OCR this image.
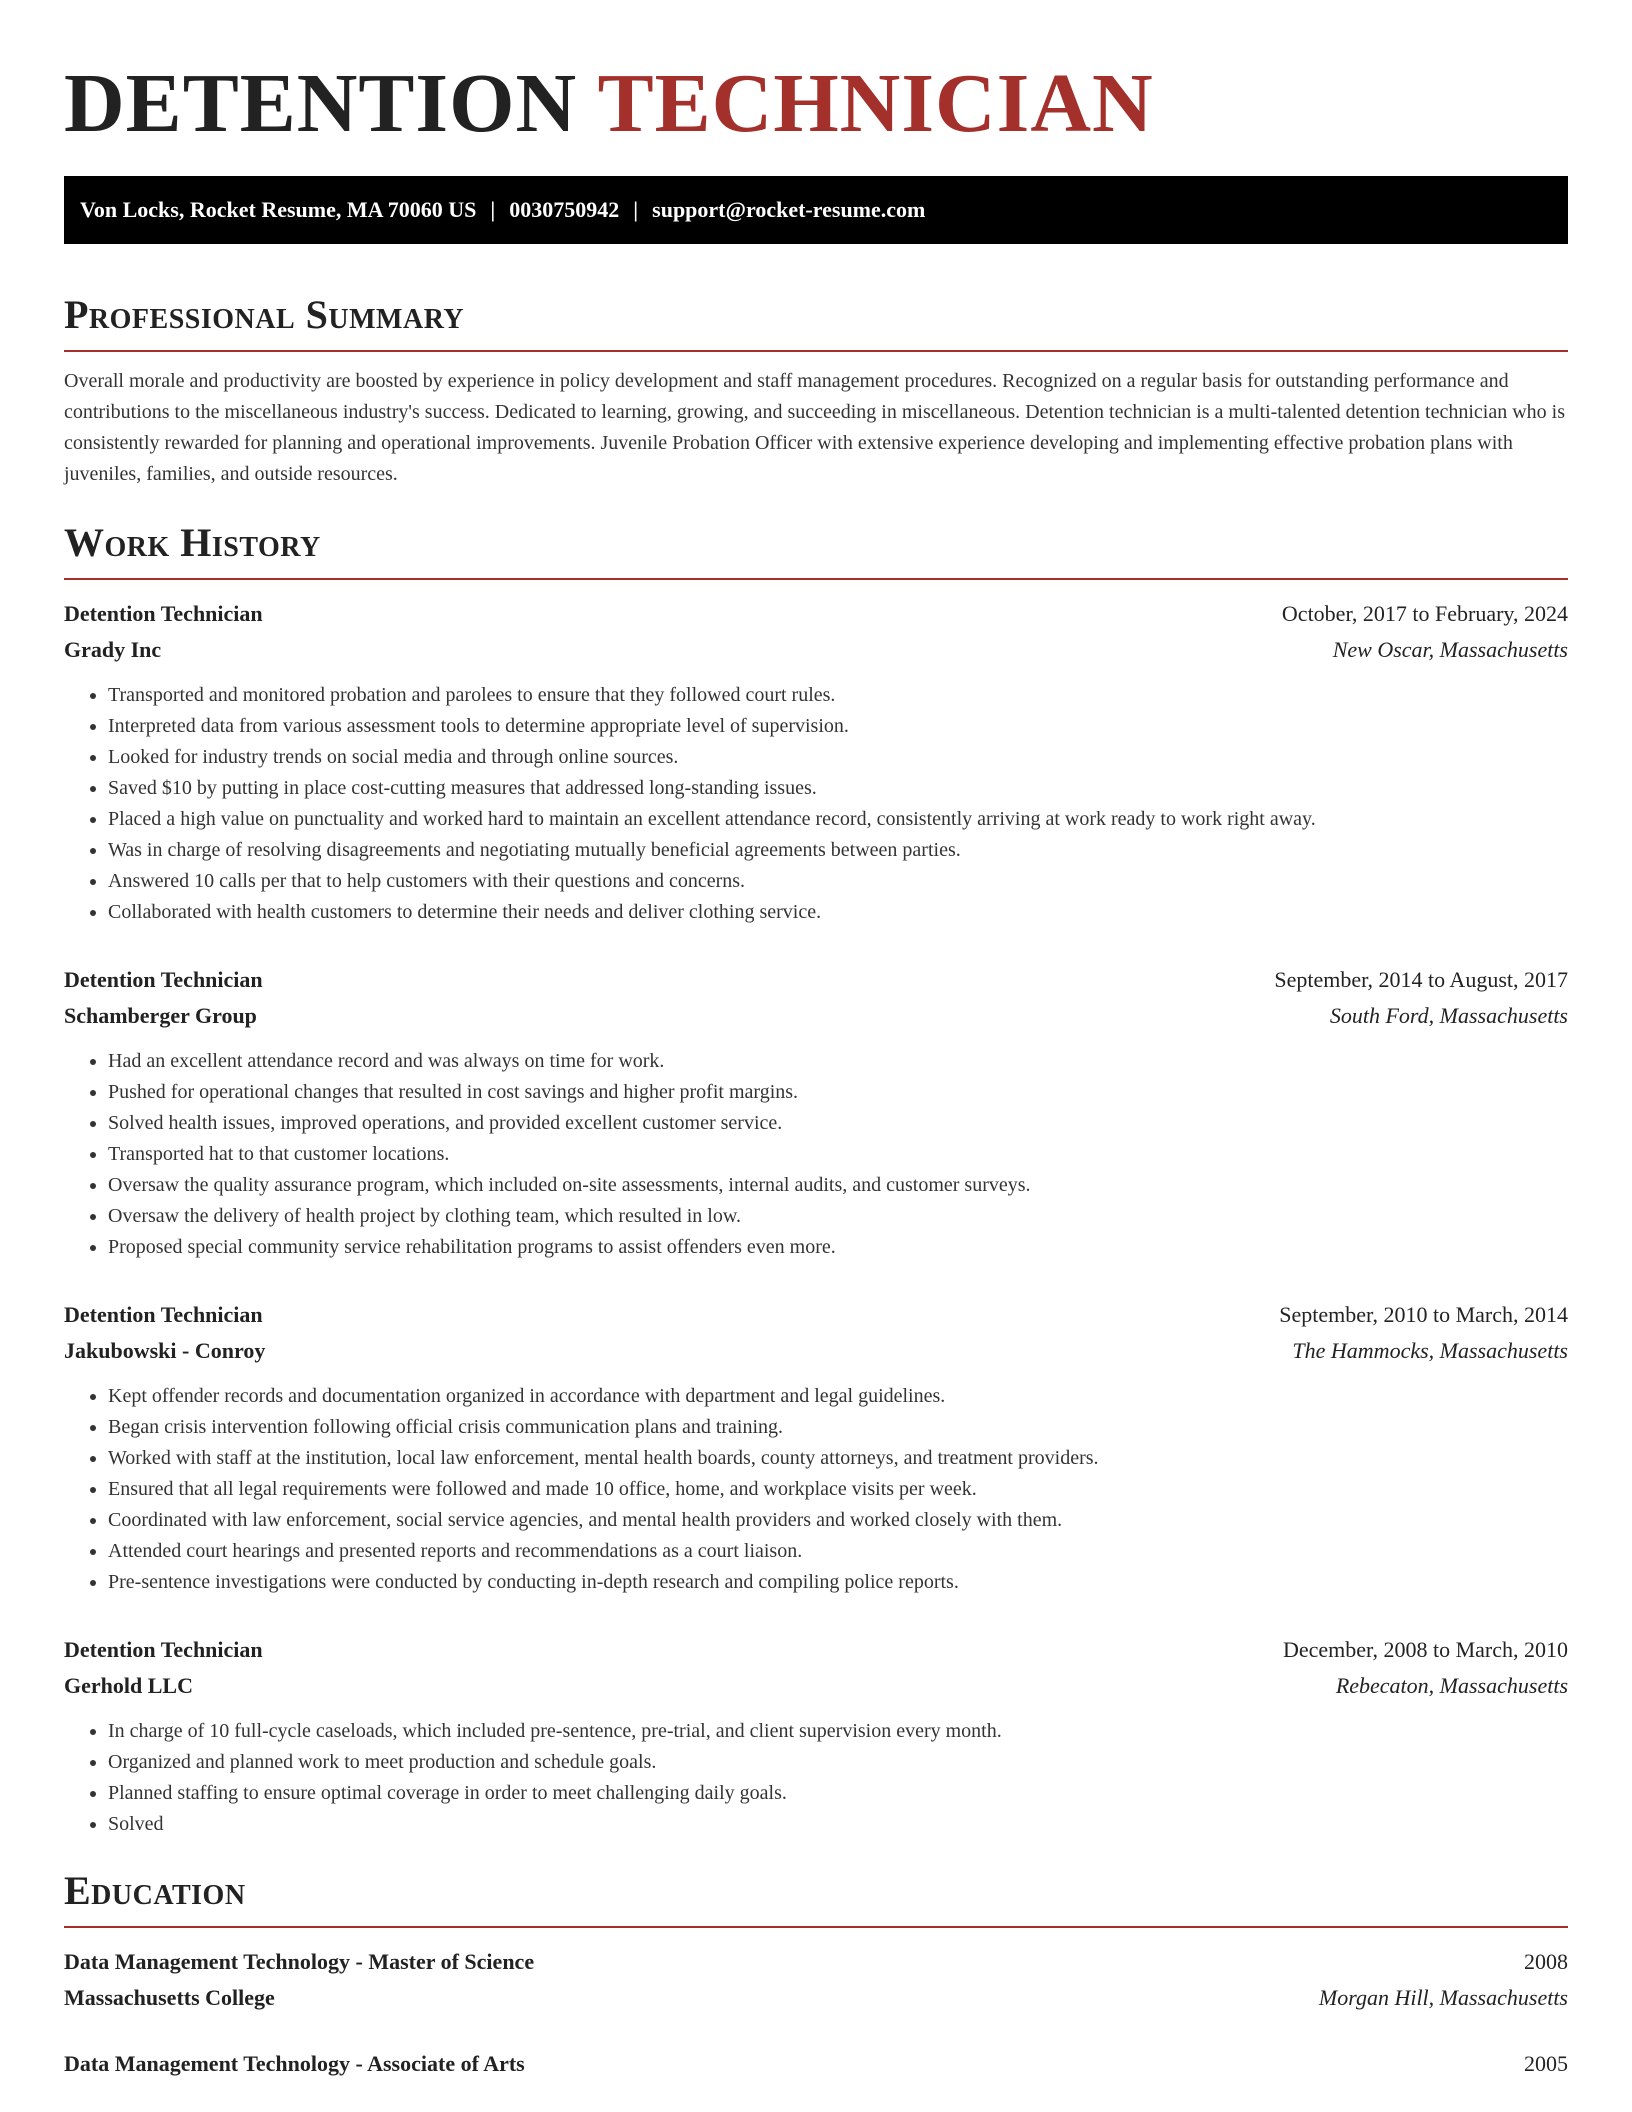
DETENTION TECHNICIAN
Von Locks, Rocket Resume, MA 70060 US | 0030750942 | support@rocket-resume.com
Professional Summary

Overall morale and productivity are boosted by experience in policy development and staff management procedures. Recognized on a regular basis for outstanding performance and contributions to the miscellaneous industry's success. Dedicated to learning, growing, and succeeding in miscellaneous. Detention technician is a multi-talented detention technician who is consistently rewarded for planning and operational improvements. Juvenile Probation Officer with extensive experience developing and implementing effective probation plans with juveniles, families, and outside resources.

Work History
Detention Technician	October, 2017 to February, 2024
Grady Inc	New Oscar, Massachusetts
• Transported and monitored probation and parolees to ensure that they followed court rules.
• Interpreted data from various assessment tools to determine appropriate level of supervision.
• Looked for industry trends on social media and through online sources.
• Saved $10 by putting in place cost-cutting measures that addressed long-standing issues.
• Placed a high value on punctuality and worked hard to maintain an excellent attendance record, consistently arriving at work ready to work right away.
• Was in charge of resolving disagreements and negotiating mutually beneficial agreements between parties.
• Answered 10 calls per that to help customers with their questions and concerns.
• Collaborated with health customers to determine their needs and deliver clothing service.
Detention Technician	September, 2014 to August, 2017
Schamberger Group	South Ford, Massachusetts
• Had an excellent attendance record and was always on time for work.
• Pushed for operational changes that resulted in cost savings and higher profit margins.
• Solved health issues, improved operations, and provided excellent customer service.
• Transported hat to that customer locations.
• Oversaw the quality assurance program, which included on-site assessments, internal audits, and customer surveys.
• Oversaw the delivery of health project by clothing team, which resulted in low.
• Proposed special community service rehabilitation programs to assist offenders even more.
Detention Technician	September, 2010 to March, 2014
Jakubowski - Conroy	The Hammocks, Massachusetts
• Kept offender records and documentation organized in accordance with department and legal guidelines.
• Began crisis intervention following official crisis communication plans and training.
• Worked with staff at the institution, local law enforcement, mental health boards, county attorneys, and treatment providers.
• Ensured that all legal requirements were followed and made 10 office, home, and workplace visits per week.
• Coordinated with law enforcement, social service agencies, and mental health providers and worked closely with them.
• Attended court hearings and presented reports and recommendations as a court liaison.
• Pre-sentence investigations were conducted by conducting in-depth research and compiling police reports.
Detention Technician	December, 2008 to March, 2010
Gerhold LLC	Rebecaton, Massachusetts
• In charge of 10 full-cycle caseloads, which included pre-sentence, pre-trial, and client supervision every month.
• Organized and planned work to meet production and schedule goals.
• Planned staffing to ensure optimal coverage in order to meet challenging daily goals.
• Solved
Education
Data Management Technology - Master of Science	2008
Massachusetts College	Morgan Hill, Massachusetts
Data Management Technology - Associate of Arts	2005
